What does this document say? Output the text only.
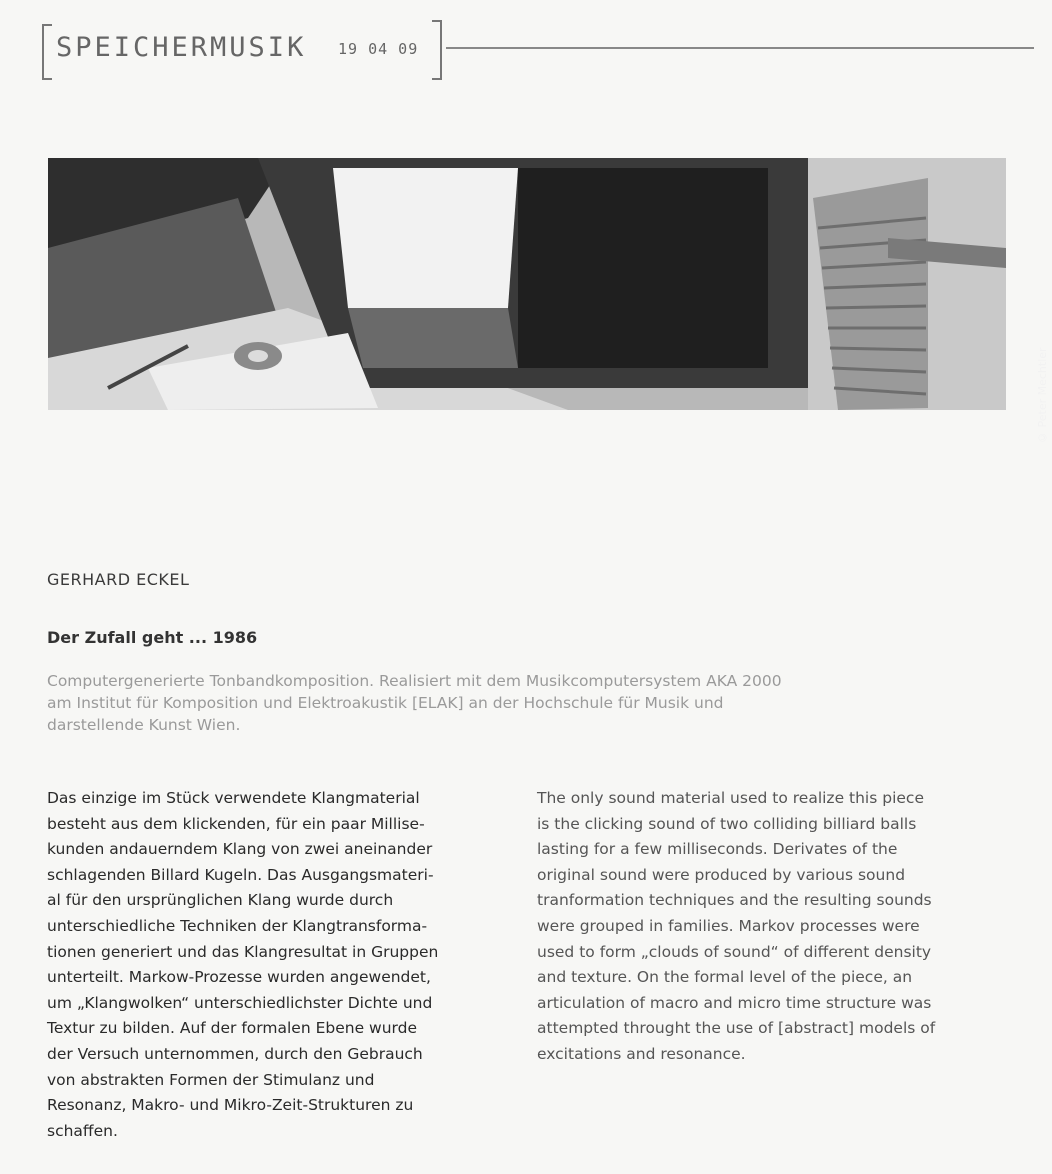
SPEICHERMUSIK 19 04 09
© Peter Mechtler
GERHARD ECKEL
Der Zufall geht ... 1986
Computergenerierte Tonbandkomposition. Realisiert mit dem Musikcomputersystem AKA 2000
am Institut für Komposition und Elektroakustik [ELAK] an der Hochschule für Musik und
darstellende Kunst Wien.
Das einzige im Stück verwendete Klangmaterial
besteht aus dem klickenden, für ein paar Millise-
kunden andauerndem Klang von zwei aneinander
schlagenden Billard Kugeln. Das Ausgangsmateri-
al für den ursprünglichen Klang wurde durch
unterschiedliche Techniken der Klangtransforma-
tionen generiert und das Klangresultat in Gruppen
unterteilt. Markow-Prozesse wurden angewendet,
um „Klangwolken“ unterschiedlichster Dichte und
Textur zu bilden. Auf der formalen Ebene wurde
der Versuch unternommen, durch den Gebrauch
von abstrakten Formen der Stimulanz und
Resonanz, Makro- und Mikro-Zeit-Strukturen zu
schaffen.
The only sound material used to realize this piece
is the clicking sound of two colliding billiard balls
lasting for a few milliseconds. Derivates of the
original sound were produced by various sound
tranformation techniques and the resulting sounds
were grouped in families. Markov processes were
used to form „clouds of sound“ of different density
and texture. On the formal level of the piece, an
articulation of macro and micro time structure was
attempted throught the use of [abstract] models of
excitations and resonance.
